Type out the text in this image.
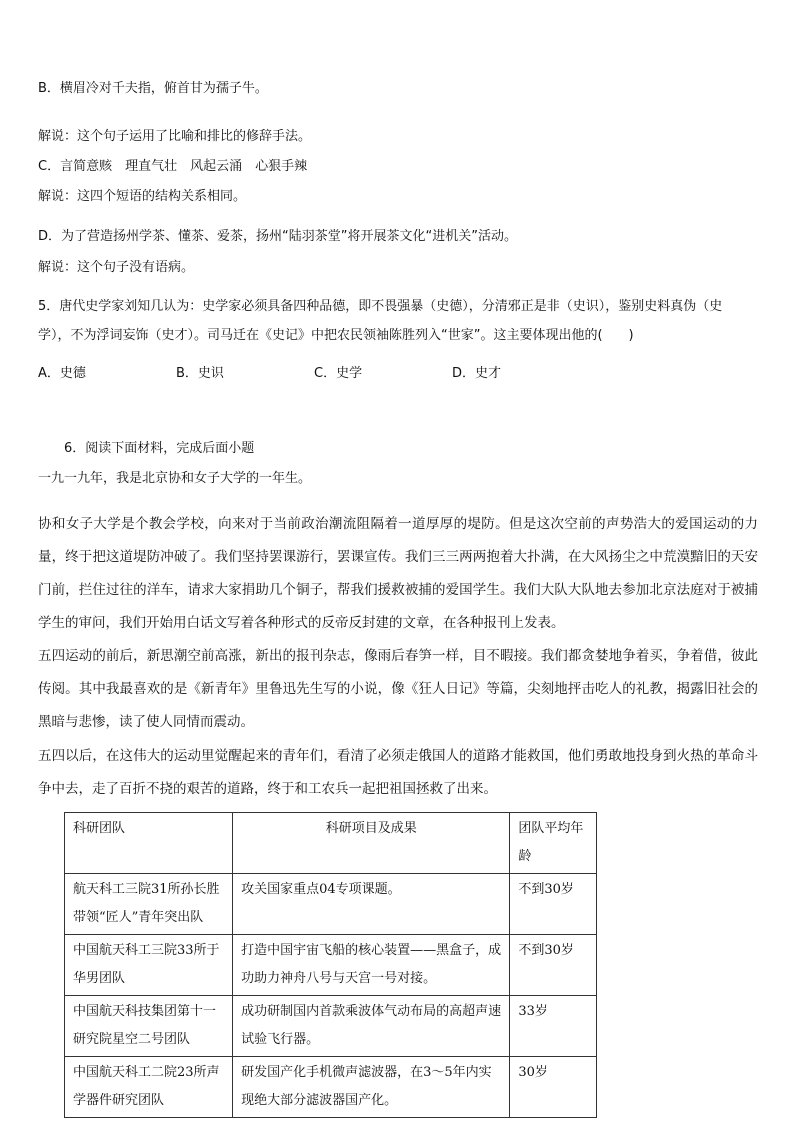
B．横眉冷对千夫指，俯首甘为孺子牛。
解说：这个句子运用了比喻和排比的修辞手法。
C．言简意赅　理直气壮　风起云涌　心狠手辣
解说：这四个短语的结构关系相同。
D．为了营造扬州学茶、懂茶、爱茶，扬州“陆羽茶堂”将开展茶文化“进机关”活动。
解说：这个句子没有语病。
5．唐代史学家刘知几认为：史学家必须具备四种品德，即不畏强暴（史德），分清邪正是非（史识），鉴别史料真伪（史
学），不为浮词妄饰（史才）。司马迁在《史记》中把农民领袖陈胜列入“世家”。这主要体现出他的(　　)
A．史德	B．史识	C．史学	D．史才
6．阅读下面材料，完成后面小题
一九一九年，我是北京协和女子大学的一年生。
协和女子大学是个教会学校，向来对于当前政治潮流阻隔着一道厚厚的堤防。但是这次空前的声势浩大的爱国运动的力量，终于把这道堤防冲破了。我们坚持罢课游行，罢课宣传。我们三三两两抱着大扑满，在大风扬尘之中荒漠黯旧的天安门前，拦住过往的洋车，请求大家捐助几个铜子，帮我们援救被捕的爱国学生。我们大队大队地去参加北京法庭对于被捕学生的审问，我们开始用白话文写着各种形式的反帝反封建的文章，在各种报刊上发表。
五四运动的前后，新思潮空前高涨，新出的报刊杂志，像雨后春笋一样，目不暇接。我们都贪婪地争着买，争着借，彼此传阅。其中我最喜欢的是《新青年》里鲁迅先生写的小说，像《狂人日记》等篇，尖刻地抨击吃人的礼教，揭露旧社会的黑暗与悲惨，读了使人同情而震动。
五四以后，在这伟大的运动里觉醒起来的青年们，看清了必须走俄国人的道路才能救国，他们勇敢地投身到火热的革命斗争中去，走了百折不挠的艰苦的道路，终于和工农兵一起把祖国拯救了出来。
科研团队	科研项目及成果	团队平均年龄
航天科工三院31所孙长胜带领“匠人”青年突出队	攻关国家重点04专项课题。	不到30岁
中国航天科工三院33所于华男团队	打造中国宇宙飞船的核心装置——黑盒子，成功助力神舟八号与天宫一号对接。	不到30岁
中国航天科技集团第十一研究院星空二号团队	成功研制国内首款乘波体气动布局的高超声速试验飞行器。	33岁
中国航天科工二院23所声学器件研究团队	研发国产化手机微声滤波器，在3～5年内实现绝大部分滤波器国产化。	30岁
